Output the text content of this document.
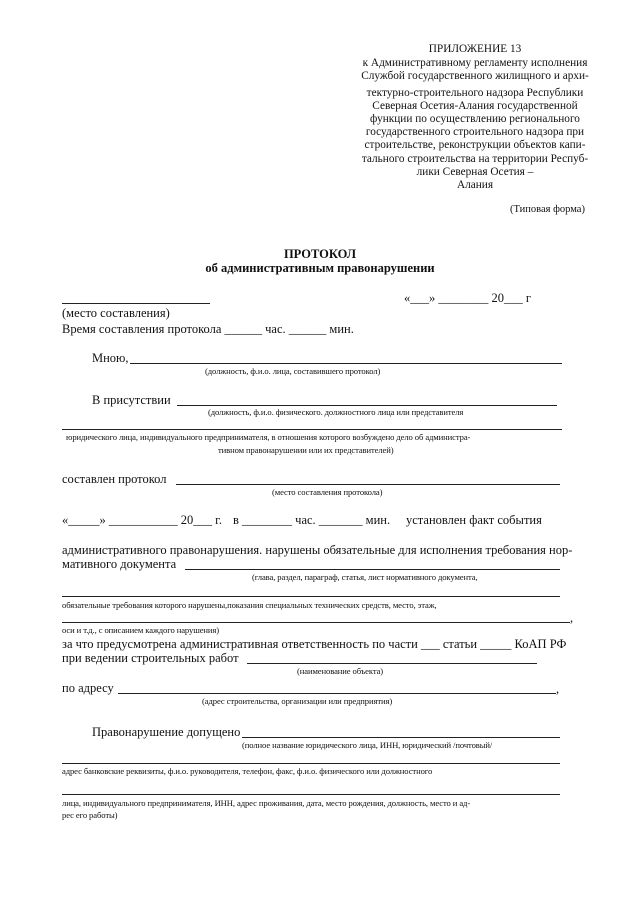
ПРИЛОЖЕНИЕ 13
к Административному регламенту исполнения
Службой государственного жилищного и архи-
тектурно-строительного надзора Республики
Северная Осетия-Алания государственной
функции по осуществлению регионального
государственного строительного надзора при
строительстве, реконструкции объектов капи-
тального строительства на территории Респуб-
лики Северная Осетия –
Алания
(Типовая форма)
ПРОТОКОЛ
об административным правонарушении
«___» ________ 20___ г
(место составления)
Время составления протокола ______ час. ______ мин.
Мною,
(должность, ф.и.о. лица, составившего протокол)
В присутствии
(должность, ф.и.о. физического. должностного лица или представителя
юридического лица, индивидуального предпринимателя, в отношения которого возбуждено дело об администра-
тивном правонарушении или их представителей)
составлен протокол
(место составления протокола)
«_____» ___________ 20___ г. в ________ час. _______ мин. установлен факт события
административного правонарушения. нарушены обязательные для исполнения требования нор-
мативного документа
(глава, раздел, параграф, статья, лист нормативного документа,
обязательные требования которого нарушены,показания специальных технических средств, место, этаж,
,
оси и т.д., с описанием каждого нарушения)
за что предусмотрена административная ответственность по части ___ статьи _____ КоАП РФ
при ведении строительных работ
(наименование объекта)
по адресу	,
(адрес строительства, организации или предприятия)
Правонарушение допущено
(полное название юридического лица, ИНН, юридический /почтовый/
адрес банковские реквизиты, ф.и.о. руководителя, телефон, факс, ф.и.о. физического или должностного
лица, индивидуального предпринимателя, ИНН, адрес проживания, дата, место рождения, должность, место и ад-
рес его работы)
